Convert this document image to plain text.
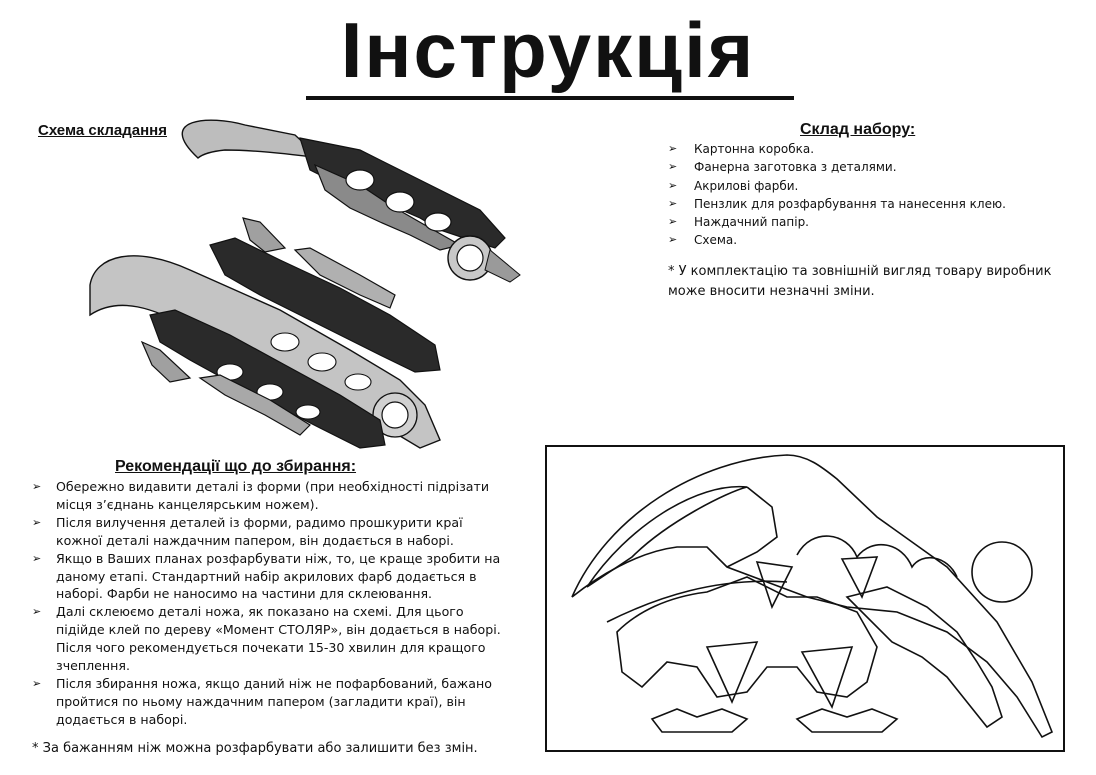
Інструкція
Схема складання	Склад набору:
➢ Картонна коробка.
➢ Фанерна заготовка з деталями.
➢ Акрилові фарби.
➢ Пензлик для розфарбування та нанесення клею.
➢ Наждачний папір.
➢ Схема.
* У комплектацію та зовнішній вигляд товару виробник
може вносити незначні зміни.
Рекомендації що до збирання:
➢ Обережно видавити деталі із форми (при необхідності підрізати місця з’єднань канцелярським ножем).
➢ Після вилучення деталей із форми, радимо прошкурити краї кожної деталі наждачним папером, він додається в наборі.
➢ Якщо в Ваших планах розфарбувати ніж, то, це краще зробити на даному етапі. Стандартний набір акрилових фарб додається в наборі. Фарби не наносимо на частини для склеювання.
➢ Далі склеюємо деталі ножа, як показано на схемі. Для цього підійде клей по дереву «Момент СТОЛЯР», він додається в наборі. Після чого рекомендується почекати 15-30 хвилин для кращого зчеплення.
➢ Після збирання ножа, якщо даний ніж не пофарбований, бажано пройтися по ньому наждачним папером (загладити краї), він додається в наборі.
* За бажанням ніж можна розфарбувати або залишити без змін.
